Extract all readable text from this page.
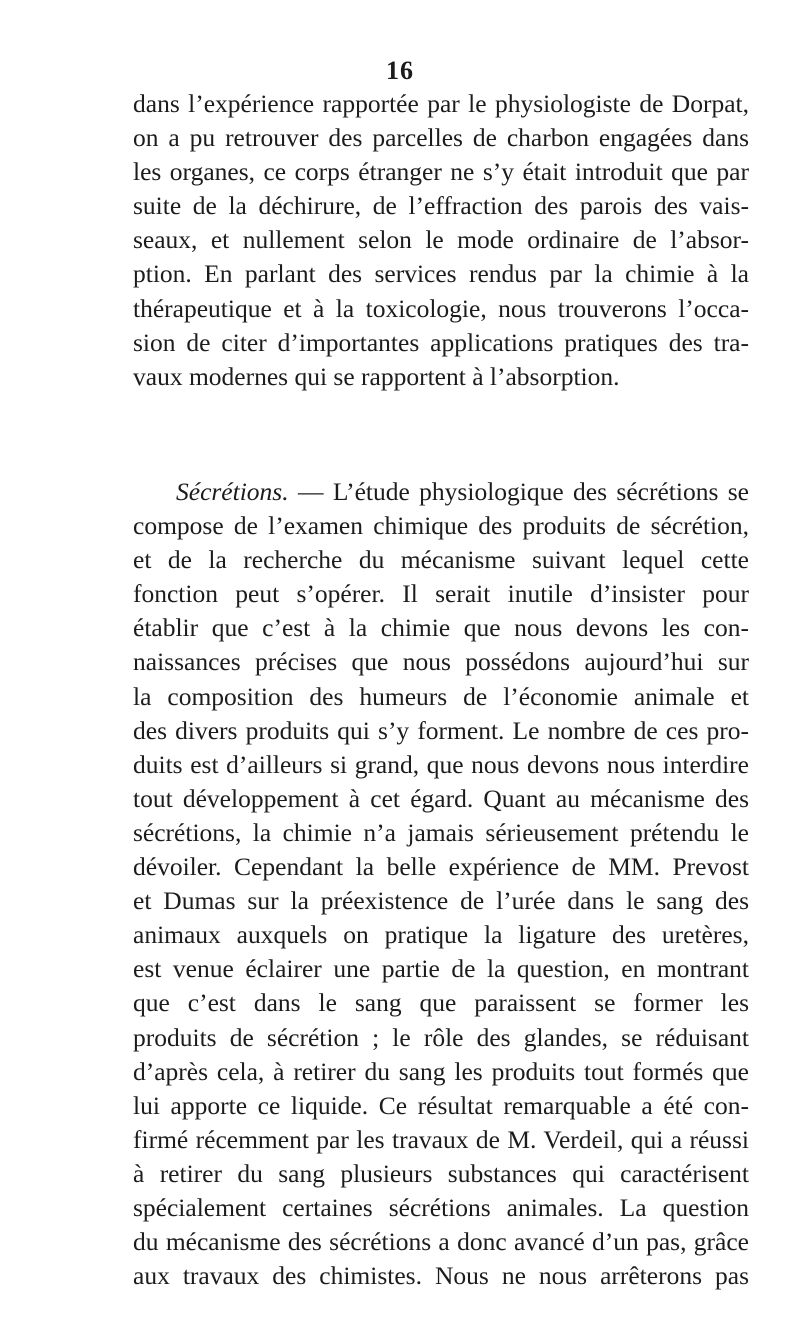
16
dans l’expérience rapportée par le physiologiste de Dorpat,
on a pu retrouver des parcelles de charbon engagées dans
les organes, ce corps étranger ne s’y était introduit que par
suite de la déchirure, de l’effraction des parois des vais-
seaux, et nullement selon le mode ordinaire de l’absor-
ption. En parlant des services rendus par la chimie à la
thérapeutique et à la toxicologie, nous trouverons l’occa-
sion de citer d’importantes applications pratiques des tra-
vaux modernes qui se rapportent à l’absorption.
Sécrétions. — L’étude physiologique des sécrétions se
compose de l’examen chimique des produits de sécrétion,
et de la recherche du mécanisme suivant lequel cette
fonction peut s’opérer. Il serait inutile d’insister pour
établir que c’est à la chimie que nous devons les con-
naissances précises que nous possédons aujourd’hui sur
la composition des humeurs de l’économie animale et
des divers produits qui s’y forment. Le nombre de ces pro-
duits est d’ailleurs si grand, que nous devons nous interdire
tout développement à cet égard. Quant au mécanisme des
sécrétions, la chimie n’a jamais sérieusement prétendu le
dévoiler. Cependant la belle expérience de MM. Prevost
et Dumas sur la préexistence de l’urée dans le sang des
animaux auxquels on pratique la ligature des uretères,
est venue éclairer une partie de la question, en montrant
que c’est dans le sang que paraissent se former les
produits de sécrétion ; le rôle des glandes, se réduisant
d’après cela, à retirer du sang les produits tout formés que
lui apporte ce liquide. Ce résultat remarquable a été con-
firmé récemment par les travaux de M. Verdeil, qui a réussi
à retirer du sang plusieurs substances qui caractérisent
spécialement certaines sécrétions animales. La question
du mécanisme des sécrétions a donc avancé d’un pas, grâce
aux travaux des chimistes. Nous ne nous arrêterons pas
